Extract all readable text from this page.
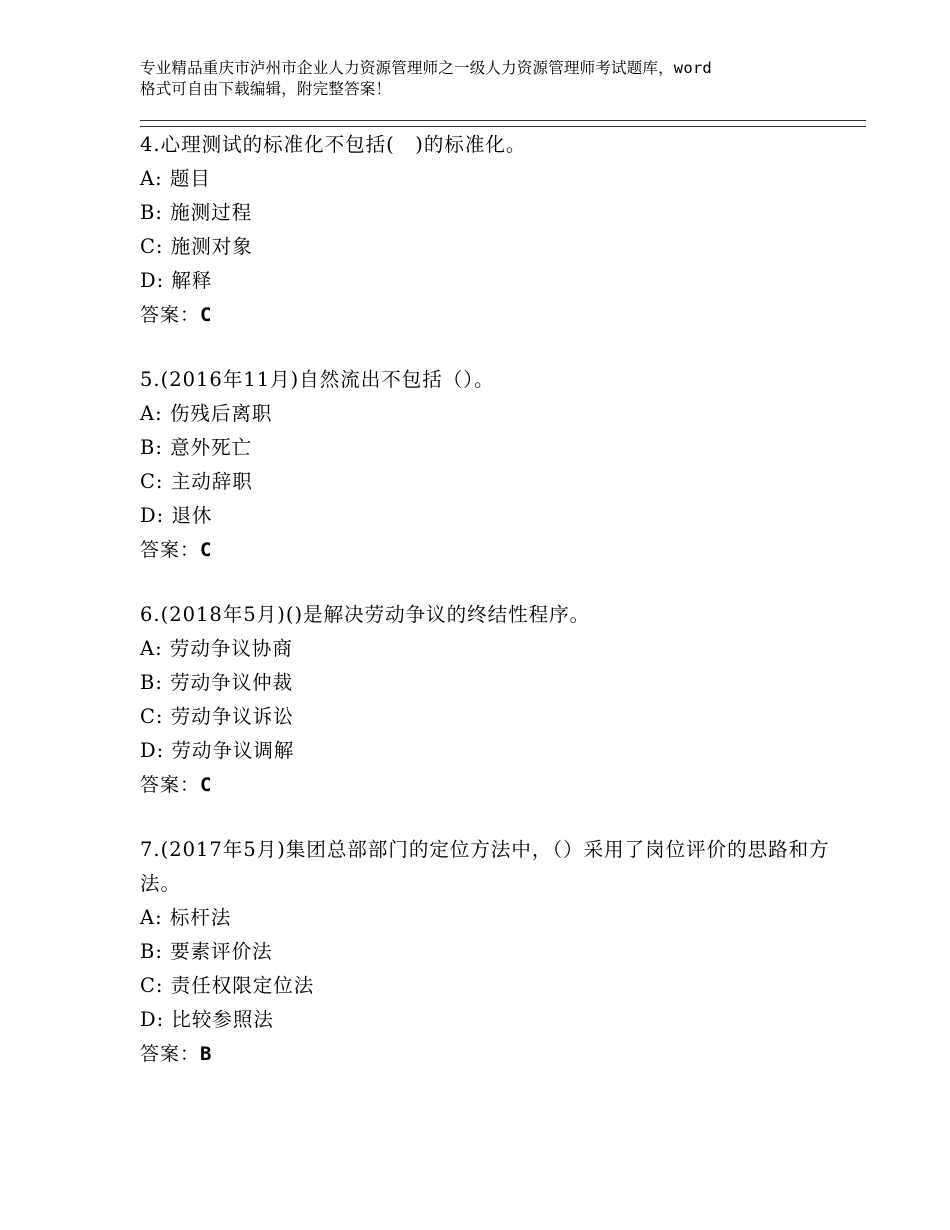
专业精品重庆市泸州市企业人力资源管理师之一级人力资源管理师考试题库，word
格式可自由下载编辑，附完整答案！
4.心理测试的标准化不包括(　)的标准化。
A: 题目
B: 施测过程
C: 施测对象
D: 解释
答案：C
5.(2016年11月)自然流出不包括（）。
A: 伤残后离职
B: 意外死亡
C: 主动辞职
D: 退休
答案：C
6.(2018年5月)()是解决劳动争议的终结性程序。
A: 劳动争议协商
B: 劳动争议仲裁
C: 劳动争议诉讼
D: 劳动争议调解
答案：C
7.(2017年5月)集团总部部门的定位方法中，（）采用了岗位评价的思路和方法。
A: 标杆法
B: 要素评价法
C: 责任权限定位法
D: 比较参照法
答案：B
